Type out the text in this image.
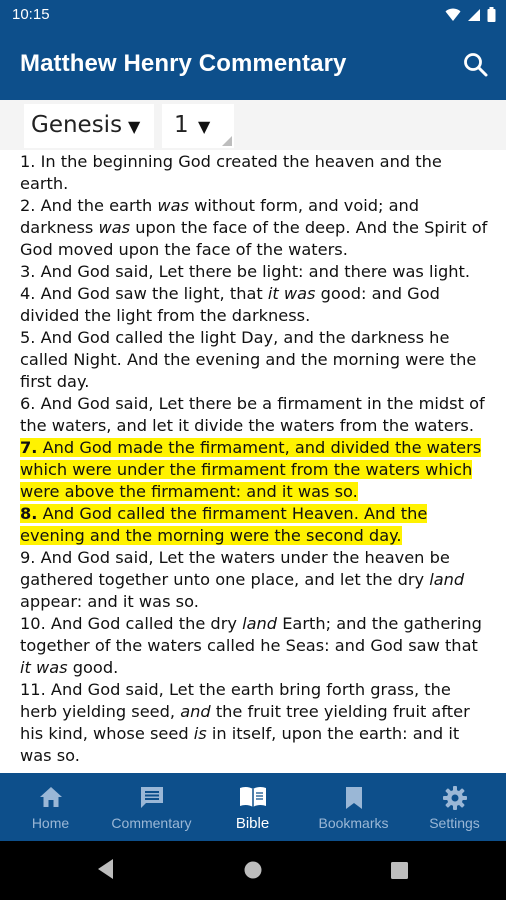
10:15
Matthew Henry Commentary
Genesis ▼ 1 ▼
1. In the beginning God created the heaven and the earth.
2. And the earth was without form, and void; and darkness was upon the face of the deep. And the Spirit of God moved upon the face of the waters.
3. And God said, Let there be light: and there was light.
4. And God saw the light, that it was good: and God divided the light from the darkness.
5. And God called the light Day, and the darkness he called Night. And the evening and the morning were the first day.
6. And God said, Let there be a firmament in the midst of the waters, and let it divide the waters from the waters.
7. And God made the firmament, and divided the waters which were under the firmament from the waters which were above the firmament: and it was so.
8. And God called the firmament Heaven. And the evening and the morning were the second day.
9. And God said, Let the waters under the heaven be gathered together unto one place, and let the dry land appear: and it was so.
10. And God called the dry land Earth; and the gathering together of the waters called he Seas: and God saw that it was good.
11. And God said, Let the earth bring forth grass, the herb yielding seed, and the fruit tree yielding fruit after his kind, whose seed is in itself, upon the earth: and it was so.
Home	Commentary	Bible	Bookmarks	Settings
